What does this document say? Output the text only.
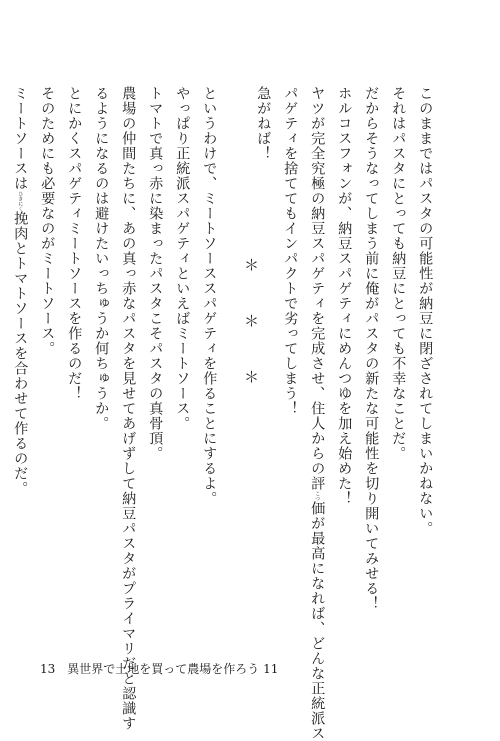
このままではパスタの可能性が納豆に閉ざされてしまいかねない。
それはパスタにとっても納豆にとっても不幸なことだ。
だからそうなってしまう前に俺がパスタの新たな可能性を切り開いてみせる！
ホルコスフォンが、納豆スパゲティにめんつゆを加え始めた！
ヤツが完全究極の納豆スパゲティを完成させ、住人からの評こつ価が最高になれば、どんな正統派ス
パゲティを捨ててもインパクトで劣ってしまう！
急がねば！
＊
＊
＊
というわけで、ミートソーススパゲティを作ることにするよ。
やっぱり正統派スパゲティといえばミートソース。
トマトで真っ赤に染まったパスタこそパスタの真骨頂。
農場の仲間たちに、あの真っ赤なパスタを見せてあげずして納豆パスタがプライマリだと認識す
るようになるのは避けたいっちゅうか何ちゅうか。
とにかくスパゲティミートソースを作るのだ！
そのためにも必要なのがミートソース。
ミートソースはひきにく挽肉とトマトソースを合わせて作るのだ。
13 異世界で土地を買って農場を作ろう 11
